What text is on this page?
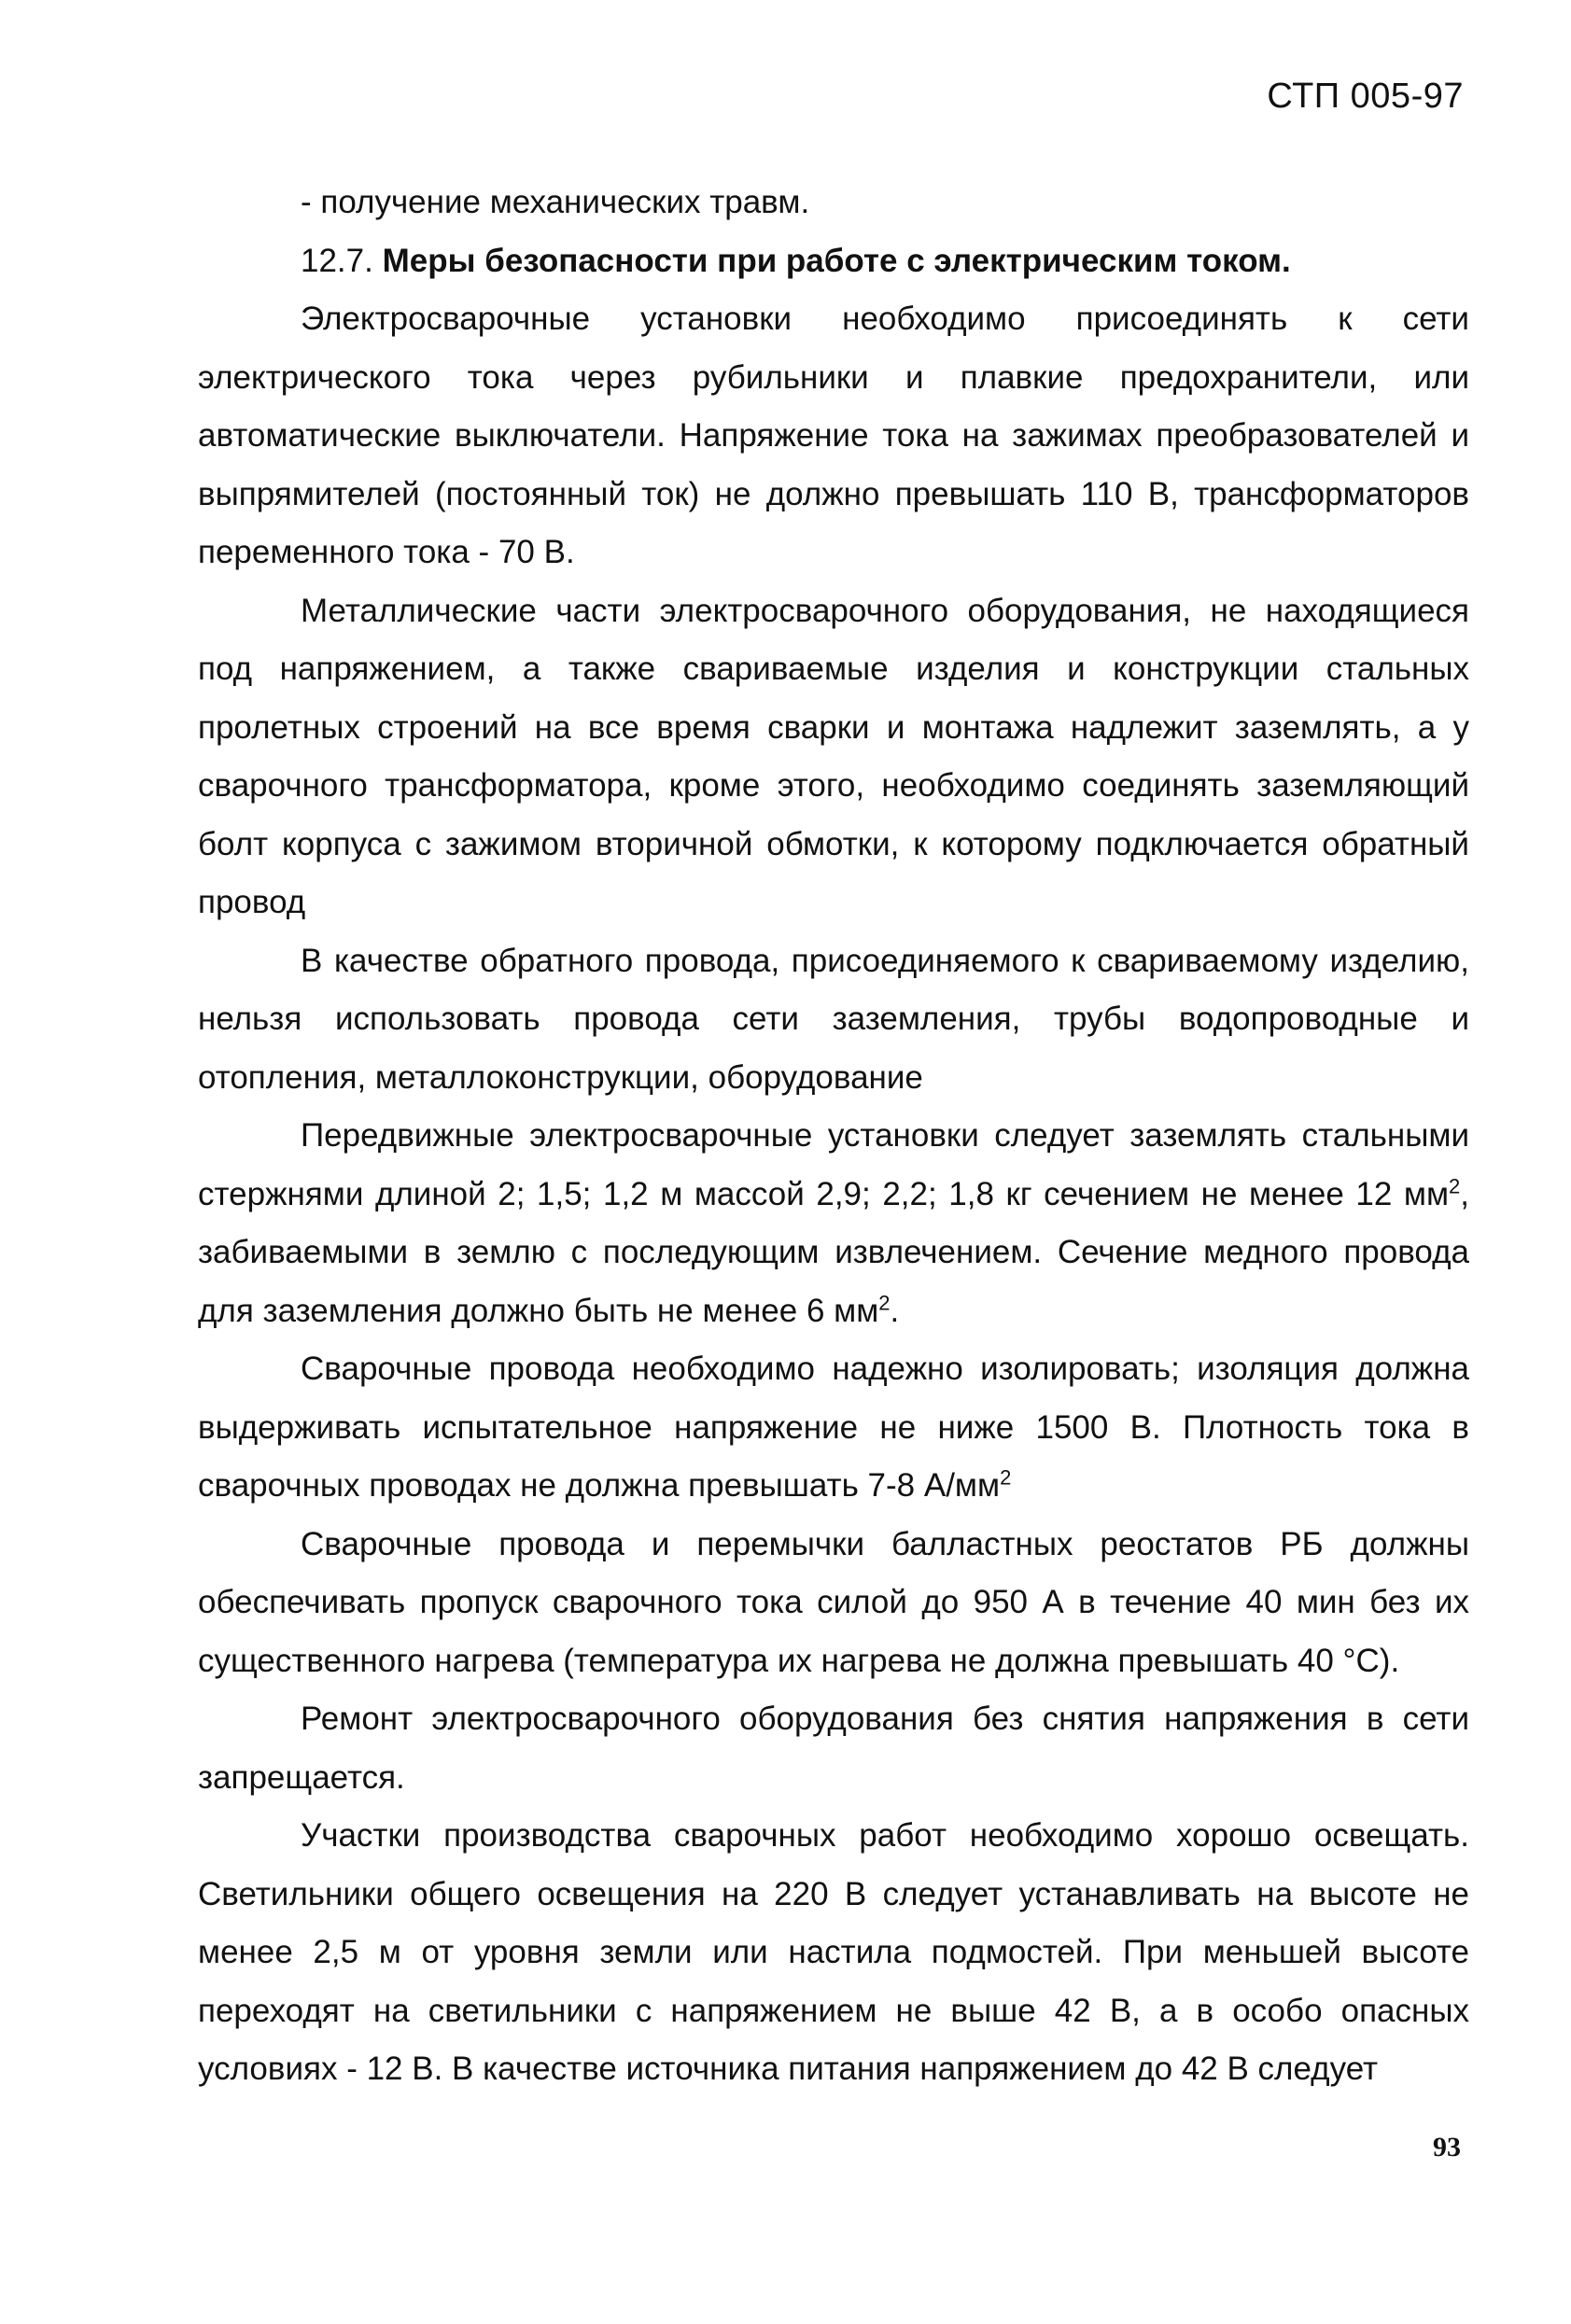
СТП 005-97

- получение механических травм.

12.7. Меры безопасности при работе с электрическим током.

Электросварочные установки необходимо присоединять к сети электрического тока через рубильники и плавкие предохранители, или автоматические выключатели. Напряжение тока на зажимах преобразователей и выпрямителей (постоянный ток) не должно превышать 110 В, трансформаторов переменного тока - 70 В.

Металлические части электросварочного оборудования, не находящиеся под напряжением, а также свариваемые изделия и конструкции стальных пролетных строений на все время сварки и монтажа надлежит заземлять, а у сварочного трансформатора, кроме этого, необходимо соединять заземляющий болт корпуса с зажимом вторичной обмотки, к которому подключается обратный провод

В качестве обратного провода, присоединяемого к свариваемому изделию, нельзя использовать провода сети заземления, трубы водопроводные и отопления, металлоконструкции, оборудование

Передвижные электросварочные установки следует заземлять стальными стержнями длиной 2; 1,5; 1,2 м массой 2,9; 2,2; 1,8 кг сечением не менее 12 $мм^2$, забиваемыми в землю с последующим извлечением. Сечение медного провода для заземления должно быть не менее 6 $мм^2$.

Сварочные провода необходимо надежно изолировать; изоляция должна выдерживать испытательное напряжение не ниже 1500 В. Плотность тока в сварочных проводах не должна превышать 7-8 $А/мм^2$

Сварочные провода и перемычки балластных реостатов РБ должны обеспечивать пропуск сварочного тока силой до 950 А в течение 40 мин без их существенного нагрева (температура их нагрева не должна превышать 40 °С).

Ремонт электросварочного оборудования без снятия напряжения в сети запрещается.

Участки производства сварочных работ необходимо хорошо освещать. Светильники общего освещения на 220 В следует устанавливать на высоте не менее 2,5 м от уровня земли или настила подмостей. При меньшей высоте переходят на светильники с напряжением не выше 42 В, а в особо опасных условиях - 12 В. В качестве источника питания напряжением до 42 В следует

93
